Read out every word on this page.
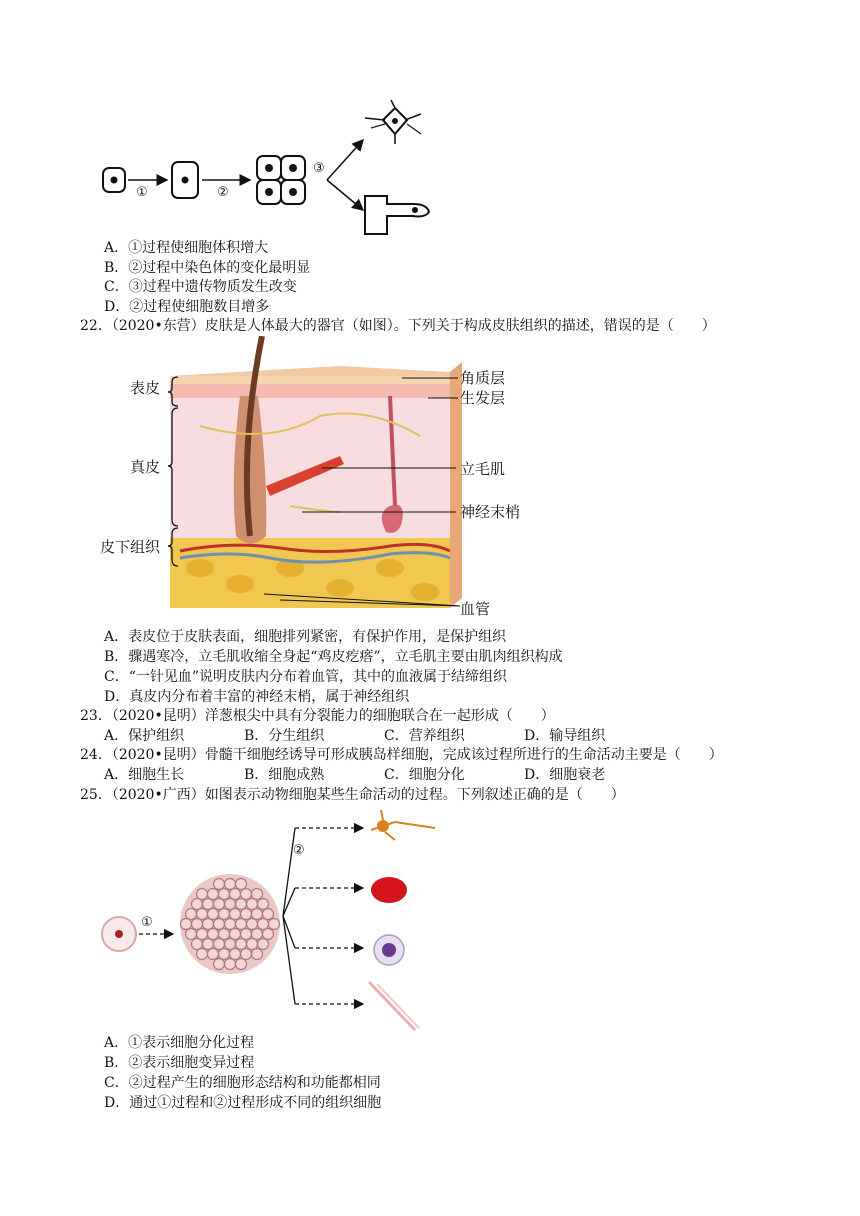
①	②
③
A．①过程使细胞体积增大
B．②过程中染色体的变化最明显
C．③过程中遗传物质发生改变
D．②过程使细胞数目增多
22．（2020•东营）皮肤是人体最大的器官（如图）。下列关于构成皮肤组织的描述，错误的是（　　）
表皮
真皮
皮下组织
角质层
生发层
立毛肌
神经末梢
血管
A．表皮位于皮肤表面，细胞排列紧密，有保护作用，是保护组织
B．骤遇寒冷，立毛肌收缩全身起“鸡皮疙瘩”，立毛肌主要由肌肉组织构成
C．“一针见血”说明皮肤内分布着血管，其中的血液属于结缔组织
D．真皮内分布着丰富的神经末梢，属于神经组织
23．（2020•昆明）洋葱根尖中具有分裂能力的细胞联合在一起形成（　　）
A．保护组织	B．分生组织	C．营养组织	D．输导组织
24．（2020•昆明）骨髓干细胞经诱导可形成胰岛样细胞，完成该过程所进行的生命活动主要是（　　）
A．细胞生长	B．细胞成熟	C．细胞分化	D．细胞衰老
25．（2020•广西）如图表示动物细胞某些生命活动的过程。下列叙述正确的是（　　）
①
②
A．①表示细胞分化过程
B．②表示细胞变异过程
C．②过程产生的细胞形态结构和功能都相同
D．通过①过程和②过程形成不同的组织细胞
